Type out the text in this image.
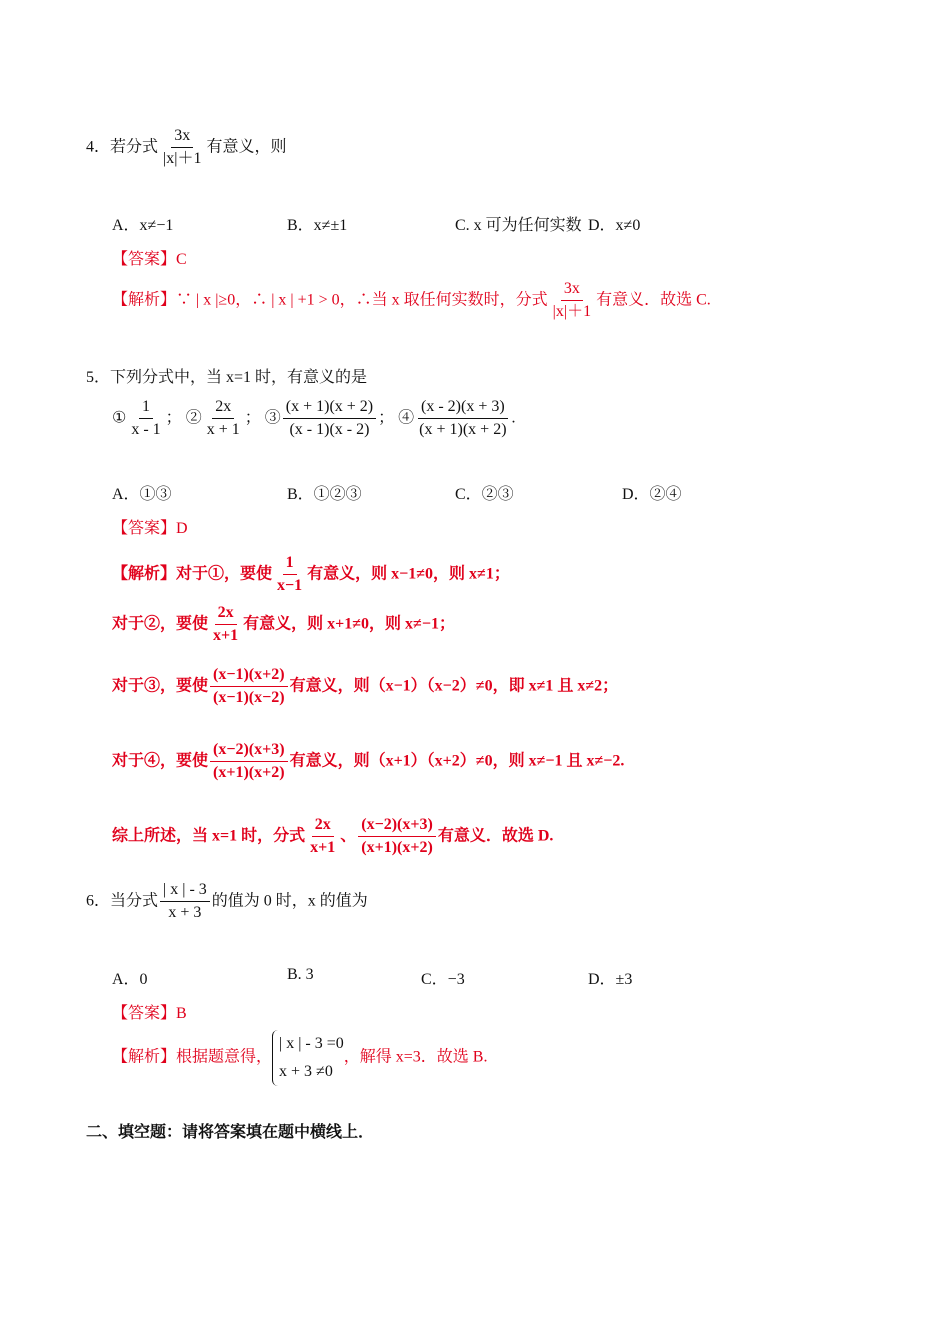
4．若分式 $\frac{3x}{|x|+1}$ 有意义，则
A．x≠−1	B．x≠±1	C. x 可为任何实数 D．x≠0
【答案】C
【解析】∵ | x |≥0，∴ | x | +1 > 0，∴当 x 取任何实数时，分式 $\frac{3x}{|x|+1}$ 有意义．故选 C.
5．下列分式中，当 x=1 时，有意义的是
① $\frac{1}{x - 1}$ ； ② $\frac{2x}{x + 1}$ ； ③ $\frac{(x + 1)(x + 2)}{(x - 1)(x - 2)}$ ； ④ $\frac{(x - 2)(x + 3)}{(x + 1)(x + 2)}$ .
A．①③	B．①②③	C．②③	D．②④
【答案】D
【解析】对于①，要使 $\frac{1}{x-1}$ 有意义，则 x−1≠0，则 x≠1；
对于②，要使 $\frac{2x}{x+1}$ 有意义，则 x+1≠0，则 x≠−1；
对于③，要使 $\frac{(x-1)(x+2)}{(x-1)(x-2)}$ 有意义，则（x−1）（x−2）≠0，即 x≠1 且 x≠2；
对于④，要使 $\frac{(x-2)(x+3)}{(x+1)(x+2)}$ 有意义，则（x+1）（x+2）≠0，则 x≠−1 且 x≠−2.
综上所述，当 x=1 时，分式 $\frac{2x}{x+1}$ 、 $\frac{(x-2)(x+3)}{(x+1)(x+2)}$ 有意义．故选 D.
6．当分式 $\frac{| x | - 3}{x + 3}$ 的值为 0 时，x 的值为
A．0	B. 3	C．−3	D．±3
【答案】B
【解析】根据题意得，
| x | - 3 =0
x + 3 ≠0
，解得 x=3．故选 B.
二、填空题：请将答案填在题中横线上．
